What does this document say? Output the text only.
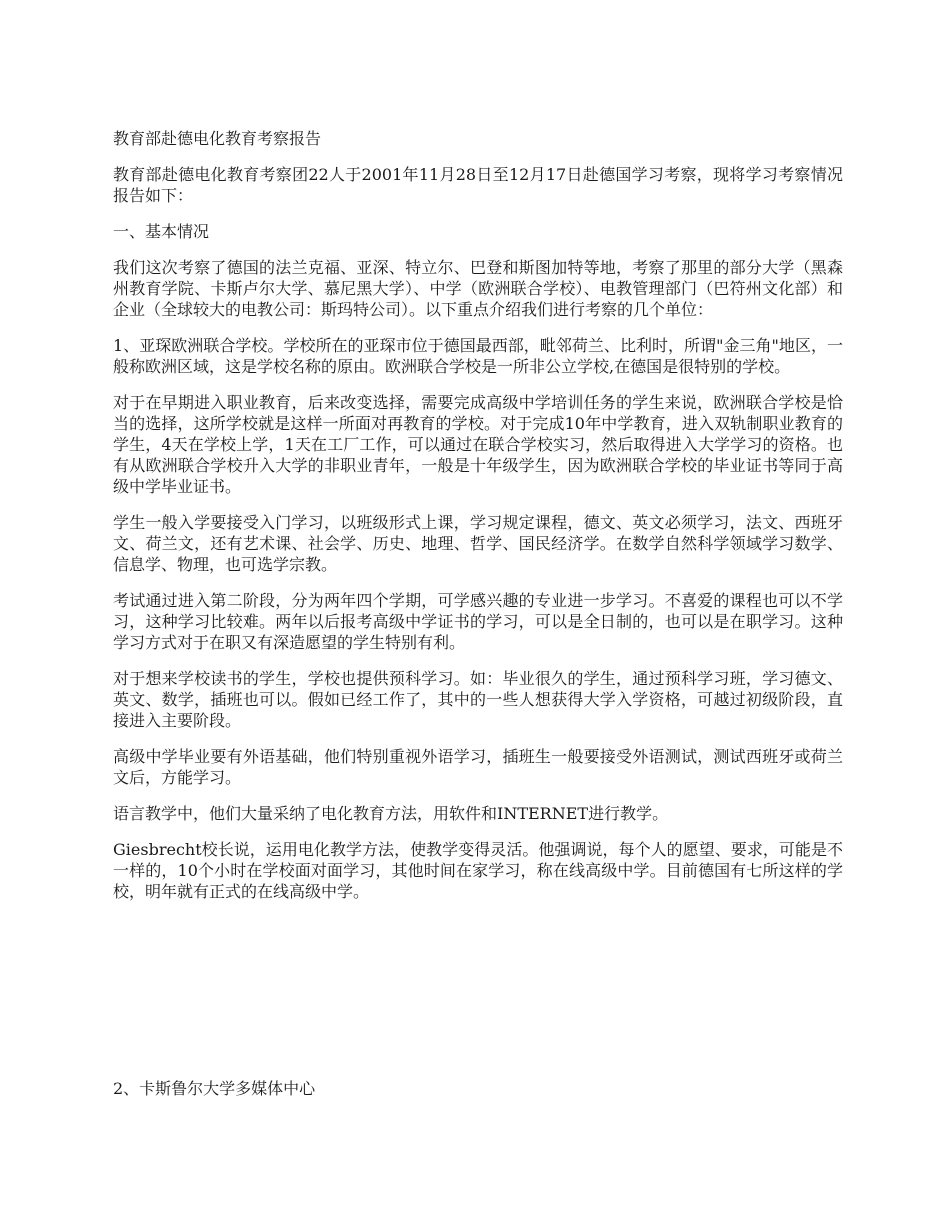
教育部赴德电化教育考察报告

教育部赴德电化教育考察团22人于2001年11月28日至12月17日赴德国学习考察，现将学习考察情况报告如下：

一、基本情况

我们这次考察了德国的法兰克福、亚深、特立尔、巴登和斯图加特等地，考察了那里的部分大学（黑森州教育学院、卡斯卢尔大学、慕尼黑大学）、中学（欧洲联合学校）、电教管理部门（巴符州文化部）和企业（全球较大的电教公司：斯玛特公司）。以下重点介绍我们进行考察的几个单位：

1、亚琛欧洲联合学校。学校所在的亚琛市位于德国最西部，毗邻荷兰、比利时，所谓"金三角"地区，一般称欧洲区域，这是学校名称的原由。欧洲联合学校是一所非公立学校,在德国是很特别的学校。

对于在早期进入职业教育，后来改变选择，需要完成高级中学培训任务的学生来说，欧洲联合学校是恰当的选择，这所学校就是这样一所面对再教育的学校。对于完成10年中学教育，进入双轨制职业教育的学生，4天在学校上学，1天在工厂工作，可以通过在联合学校实习，然后取得进入大学学习的资格。也有从欧洲联合学校升入大学的非职业青年，一般是十年级学生，因为欧洲联合学校的毕业证书等同于高级中学毕业证书。

学生一般入学要接受入门学习，以班级形式上课，学习规定课程，德文、英文必须学习，法文、西班牙文、荷兰文，还有艺术课、社会学、历史、地理、哲学、国民经济学。在数学自然科学领域学习数学、信息学、物理，也可选学宗教。

考试通过进入第二阶段，分为两年四个学期，可学感兴趣的专业进一步学习。不喜爱的课程也可以不学习，这种学习比较难。两年以后报考高级中学证书的学习，可以是全日制的，也可以是在职学习。这种学习方式对于在职又有深造愿望的学生特别有利。

对于想来学校读书的学生，学校也提供预科学习。如：毕业很久的学生，通过预科学习班，学习德文、英文、数学，插班也可以。假如已经工作了，其中的一些人想获得大学入学资格，可越过初级阶段，直接进入主要阶段。

高级中学毕业要有外语基础，他们特别重视外语学习，插班生一般要接受外语测试，测试西班牙或荷兰文后，方能学习。

语言教学中，他们大量采纳了电化教育方法，用软件和INTERNET进行教学。

Giesbrecht校长说，运用电化教学方法，使教学变得灵活。他强调说，每个人的愿望、要求，可能是不一样的，10个小时在学校面对面学习，其他时间在家学习，称在线高级中学。目前德国有七所这样的学校，明年就有正式的在线高级中学。

2、卡斯鲁尔大学多媒体中心
